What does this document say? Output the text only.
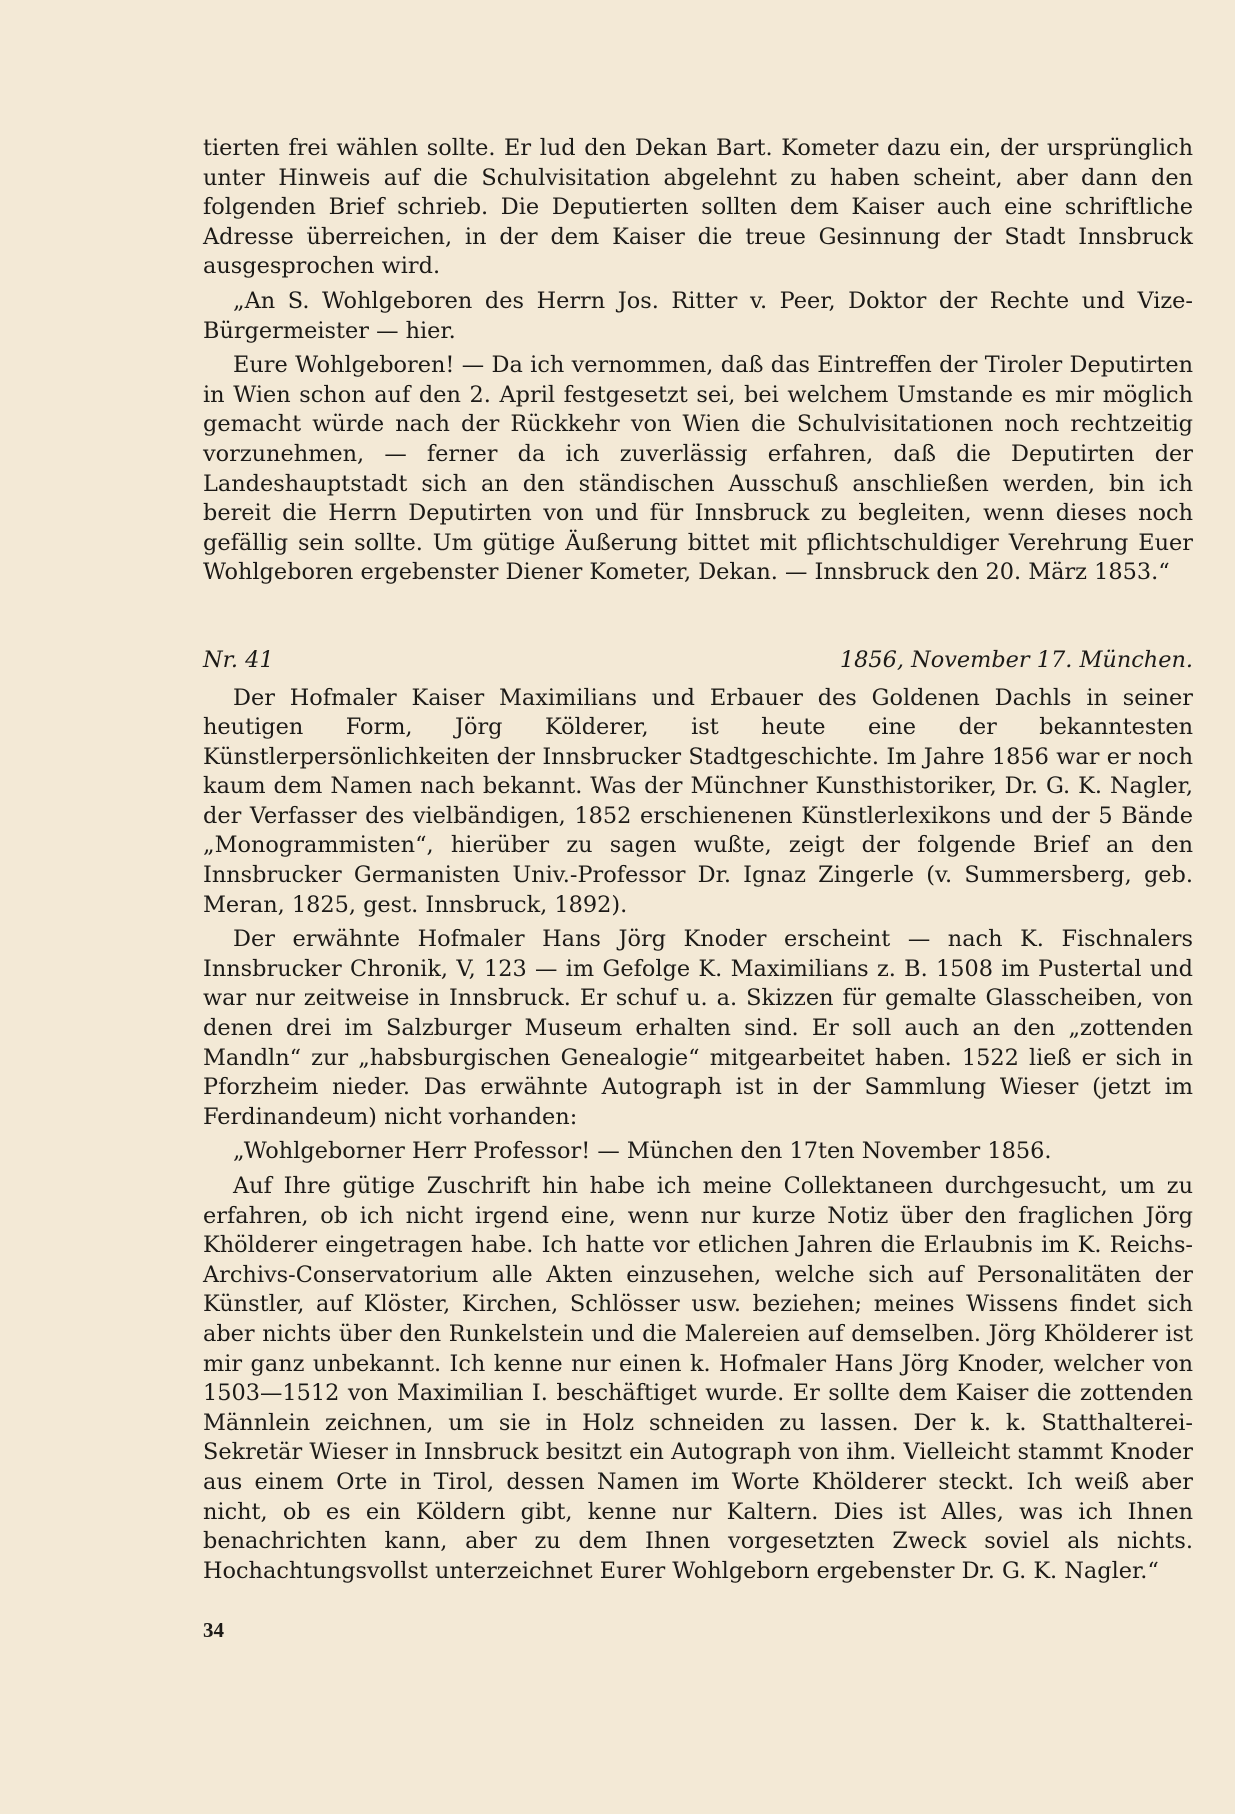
tierten frei wählen sollte. Er lud den Dekan Bart. Kometer dazu ein, der ursprünglich unter Hinweis auf die Schulvisitation abgelehnt zu haben scheint, aber dann den folgenden Brief schrieb. Die Deputierten sollten dem Kaiser auch eine schriftliche Adresse überreichen, in der dem Kaiser die treue Gesinnung der Stadt Innsbruck ausgesprochen wird.

„An S. Wohlgeboren des Herrn Jos. Ritter v. Peer, Doktor der Rechte und Vize-Bürgermeister — hier.

Eure Wohlgeboren! — Da ich vernommen, daß das Eintreffen der Tiroler Deputirten in Wien schon auf den 2. April festgesetzt sei, bei welchem Umstande es mir möglich gemacht würde nach der Rückkehr von Wien die Schulvisitationen noch rechtzeitig vorzunehmen, — ferner da ich zuverlässig erfahren, daß die Deputirten der Landeshauptstadt sich an den ständischen Ausschuß anschließen werden, bin ich bereit die Herrn Deputirten von und für Innsbruck zu begleiten, wenn dieses noch gefällig sein sollte. Um gütige Äußerung bittet mit pflichtschuldiger Verehrung Euer Wohlgeboren ergebenster Diener Kometer, Dekan. — Innsbruck den 20. März 1853.“

Nr. 41	1856, November 17. München.

Der Hofmaler Kaiser Maximilians und Erbauer des Goldenen Dachls in seiner heutigen Form, Jörg Kölderer, ist heute eine der bekanntesten Künstlerpersönlichkeiten der Innsbrucker Stadtgeschichte. Im Jahre 1856 war er noch kaum dem Namen nach bekannt. Was der Münchner Kunsthistoriker, Dr. G. K. Nagler, der Verfasser des vielbändigen, 1852 erschienenen Künstlerlexikons und der 5 Bände „Monogrammisten“, hierüber zu sagen wußte, zeigt der folgende Brief an den Innsbrucker Germanisten Univ.-Professor Dr. Ignaz Zingerle (v. Summersberg, geb. Meran, 1825, gest. Innsbruck, 1892).

Der erwähnte Hofmaler Hans Jörg Knoder erscheint — nach K. Fischnalers Innsbrucker Chronik, V, 123 — im Gefolge K. Maximilians z. B. 1508 im Pustertal und war nur zeitweise in Innsbruck. Er schuf u. a. Skizzen für gemalte Glasscheiben, von denen drei im Salzburger Museum erhalten sind. Er soll auch an den „zottenden Mandln“ zur „habsburgischen Genealogie“ mitgearbeitet haben. 1522 ließ er sich in Pforzheim nieder. Das erwähnte Autograph ist in der Sammlung Wieser (jetzt im Ferdinandeum) nicht vorhanden:

„Wohlgeborner Herr Professor! — München den 17ten November 1856.

Auf Ihre gütige Zuschrift hin habe ich meine Collektaneen durchgesucht, um zu erfahren, ob ich nicht irgend eine, wenn nur kurze Notiz über den fraglichen Jörg Khölderer eingetragen habe. Ich hatte vor etlichen Jahren die Erlaubnis im K. Reichs-Archivs-Conservatorium alle Akten einzusehen, welche sich auf Personalitäten der Künstler, auf Klöster, Kirchen, Schlösser usw. beziehen; meines Wissens findet sich aber nichts über den Runkelstein und die Malereien auf demselben. Jörg Khölderer ist mir ganz unbekannt. Ich kenne nur einen k. Hofmaler Hans Jörg Knoder, welcher von 1503—1512 von Maximilian I. beschäftiget wurde. Er sollte dem Kaiser die zottenden Männlein zeichnen, um sie in Holz schneiden zu lassen. Der k. k. Statthalterei-Sekretär Wieser in Innsbruck besitzt ein Autograph von ihm. Vielleicht stammt Knoder aus einem Orte in Tirol, dessen Namen im Worte Khölderer steckt. Ich weiß aber nicht, ob es ein Köldern gibt, kenne nur Kaltern. Dies ist Alles, was ich Ihnen benachrichten kann, aber zu dem Ihnen vorgesetzten Zweck soviel als nichts. Hochachtungsvollst unterzeichnet Eurer Wohlgeborn ergebenster Dr. G. K. Nagler.“

34
